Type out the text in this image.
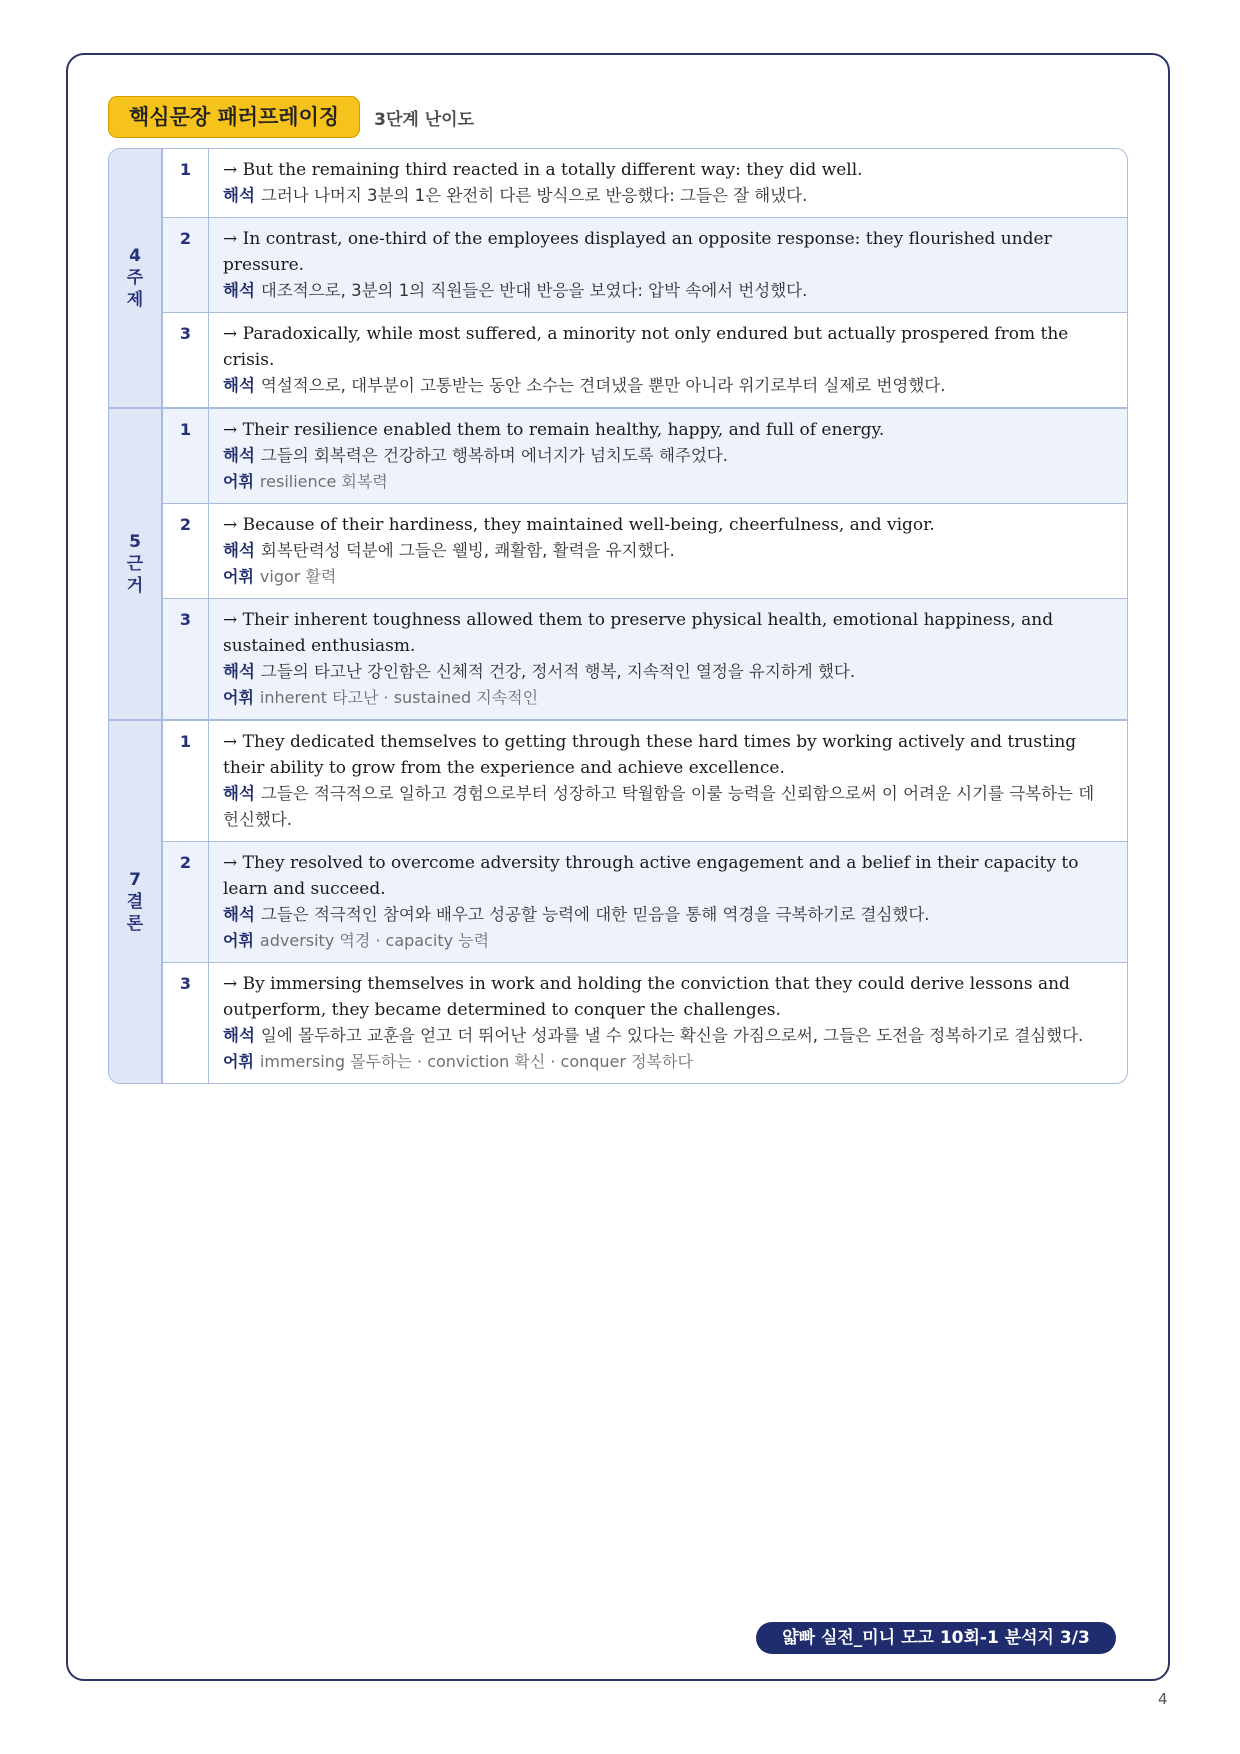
핵심문장 패러프레이징	3단계 난이도
4
주
제
1	→ But the remaining third reacted in a totally different way: they did well.
해석 그러나 나머지 3분의 1은 완전히 다른 방식으로 반응했다: 그들은 잘 해냈다.
2	→ In contrast, one-third of the employees displayed an opposite response: they flourished under pressure.
해석 대조적으로, 3분의 1의 직원들은 반대 반응을 보였다: 압박 속에서 번성했다.
3	→ Paradoxically, while most suffered, a minority not only endured but actually prospered from the crisis.
해석 역설적으로, 대부분이 고통받는 동안 소수는 견뎌냈을 뿐만 아니라 위기로부터 실제로 번영했다.
5
근
거
1	→ Their resilience enabled them to remain healthy, happy, and full of energy.
해석 그들의 회복력은 건강하고 행복하며 에너지가 넘치도록 해주었다.
어휘 resilience 회복력
2	→ Because of their hardiness, they maintained well-being, cheerfulness, and vigor.
해석 회복탄력성 덕분에 그들은 웰빙, 쾌활함, 활력을 유지했다.
어휘 vigor 활력
3	→ Their inherent toughness allowed them to preserve physical health, emotional happiness, and sustained enthusiasm.
해석 그들의 타고난 강인함은 신체적 건강, 정서적 행복, 지속적인 열정을 유지하게 했다.
어휘 inherent 타고난 · sustained 지속적인
7
결
론
1	→ They dedicated themselves to getting through these hard times by working actively and trusting their ability to grow from the experience and achieve excellence.
해석 그들은 적극적으로 일하고 경험으로부터 성장하고 탁월함을 이룰 능력을 신뢰함으로써 이 어려운 시기를 극복하는 데 헌신했다.
2	→ They resolved to overcome adversity through active engagement and a belief in their capacity to learn and succeed.
해석 그들은 적극적인 참여와 배우고 성공할 능력에 대한 믿음을 통해 역경을 극복하기로 결심했다.
어휘 adversity 역경 · capacity 능력
3	→ By immersing themselves in work and holding the conviction that they could derive lessons and outperform, they became determined to conquer the challenges.
해석 일에 몰두하고 교훈을 얻고 더 뛰어난 성과를 낼 수 있다는 확신을 가짐으로써, 그들은 도전을 정복하기로 결심했다.
어휘 immersing 몰두하는 · conviction 확신 · conquer 정복하다
얇빠 실전_미니 모고 10회-1 분석지 3/3
4
